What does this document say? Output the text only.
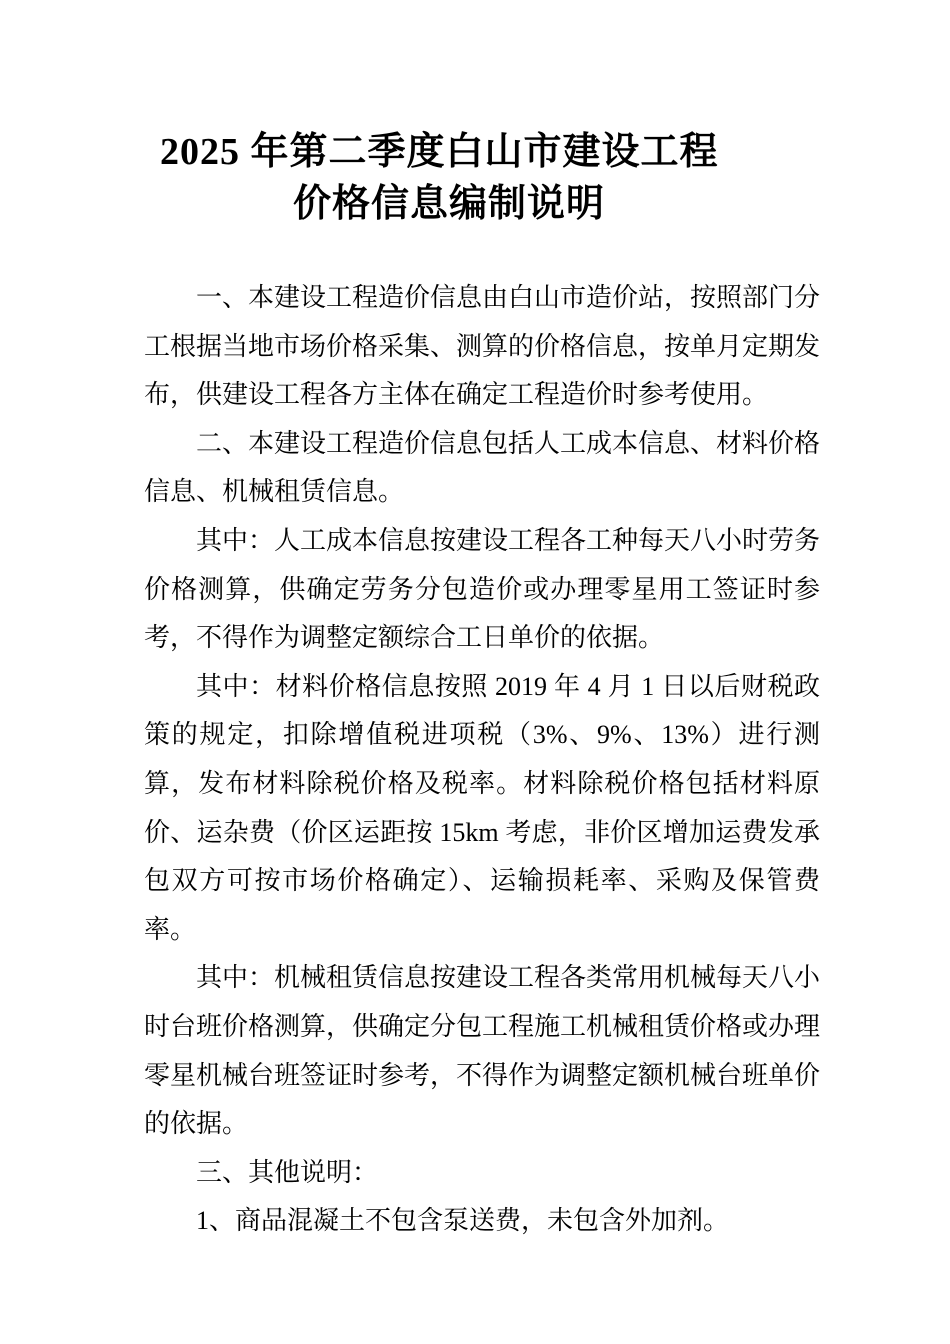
2025 年第二季度白山市建设工程
价格信息编制说明

一、本建设工程造价信息由白山市造价站，按照部门分工根据当地市场价格采集、测算的价格信息，按单月定期发布，供建设工程各方主体在确定工程造价时参考使用。

二、本建设工程造价信息包括人工成本信息、材料价格信息、机械租赁信息。

其中：人工成本信息按建设工程各工种每天八小时劳务价格测算，供确定劳务分包造价或办理零星用工签证时参考，不得作为调整定额综合工日单价的依据。

其中：材料价格信息按照 2019 年 4 月 1 日以后财税政策的规定，扣除增值税进项税（3%、9%、13%）进行测算，发布材料除税价格及税率。材料除税价格包括材料原价、运杂费（价区运距按 15km 考虑，非价区增加运费发承包双方可按市场价格确定）、运输损耗率、采购及保管费率。

其中：机械租赁信息按建设工程各类常用机械每天八小时台班价格测算，供确定分包工程施工机械租赁价格或办理零星机械台班签证时参考，不得作为调整定额机械台班单价的依据。

三、其他说明：

1、商品混凝土不包含泵送费，未包含外加剂。
